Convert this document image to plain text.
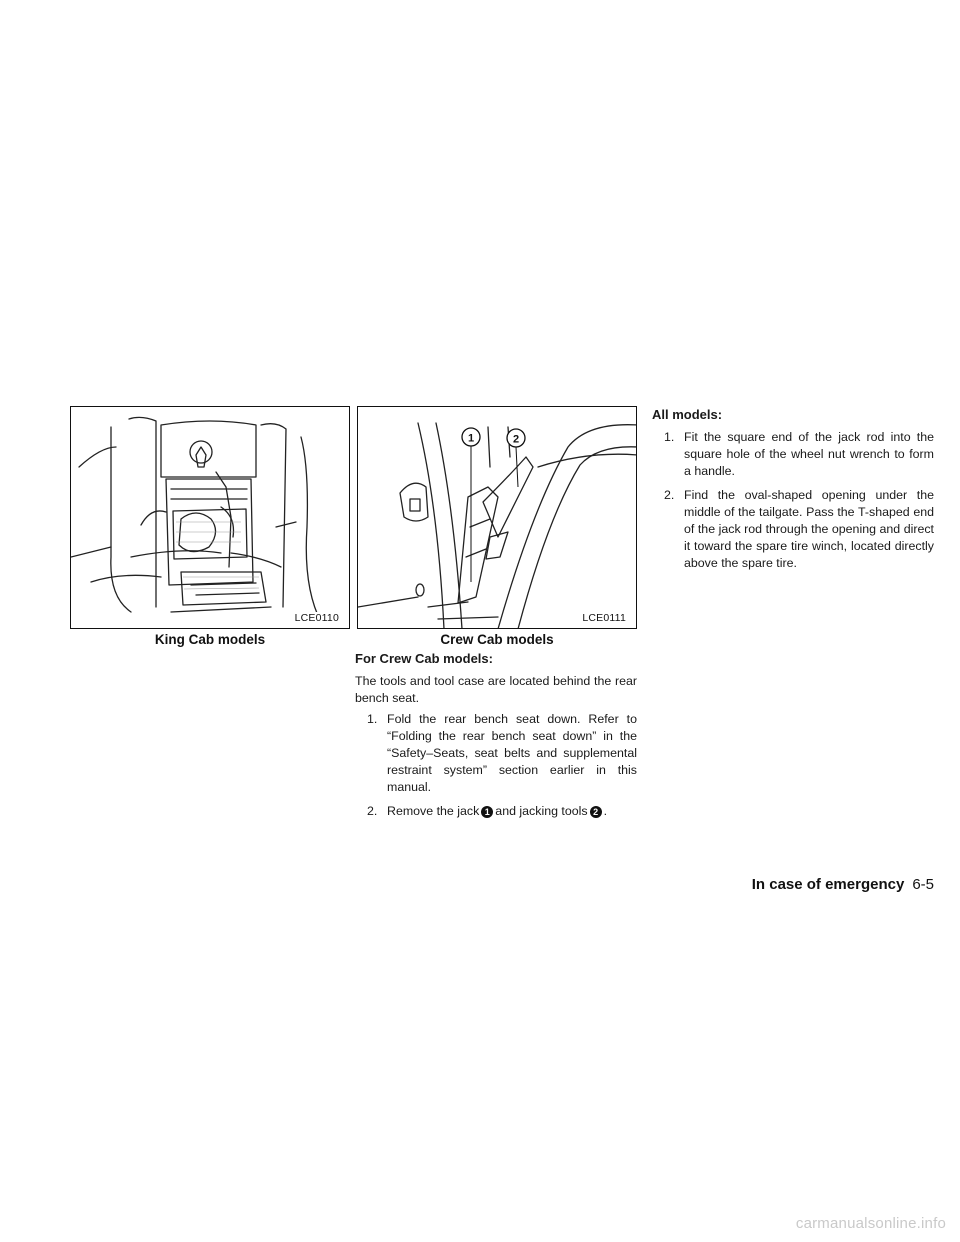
LCE0110
King Cab models
1	2
LCE0111
Crew Cab models

For Crew Cab models:

The tools and tool case are located behind the rear bench seat.

1. Fold the rear bench seat down. Refer to “Folding the rear bench seat down” in the “Safety–Seats, seat belts and supplemental restraint system” section earlier in this manual.
2. Remove the jack 1 and jacking tools 2 .

All models:

1. Fit the square end of the jack rod into the square hole of the wheel nut wrench to form a handle.
2. Find the oval-shaped opening under the middle of the tailgate. Pass the T-shaped end of the jack rod through the opening and direct it toward the spare tire winch, located directly above the spare tire.
In case of emergency 6-5
carmanualsonline.info
